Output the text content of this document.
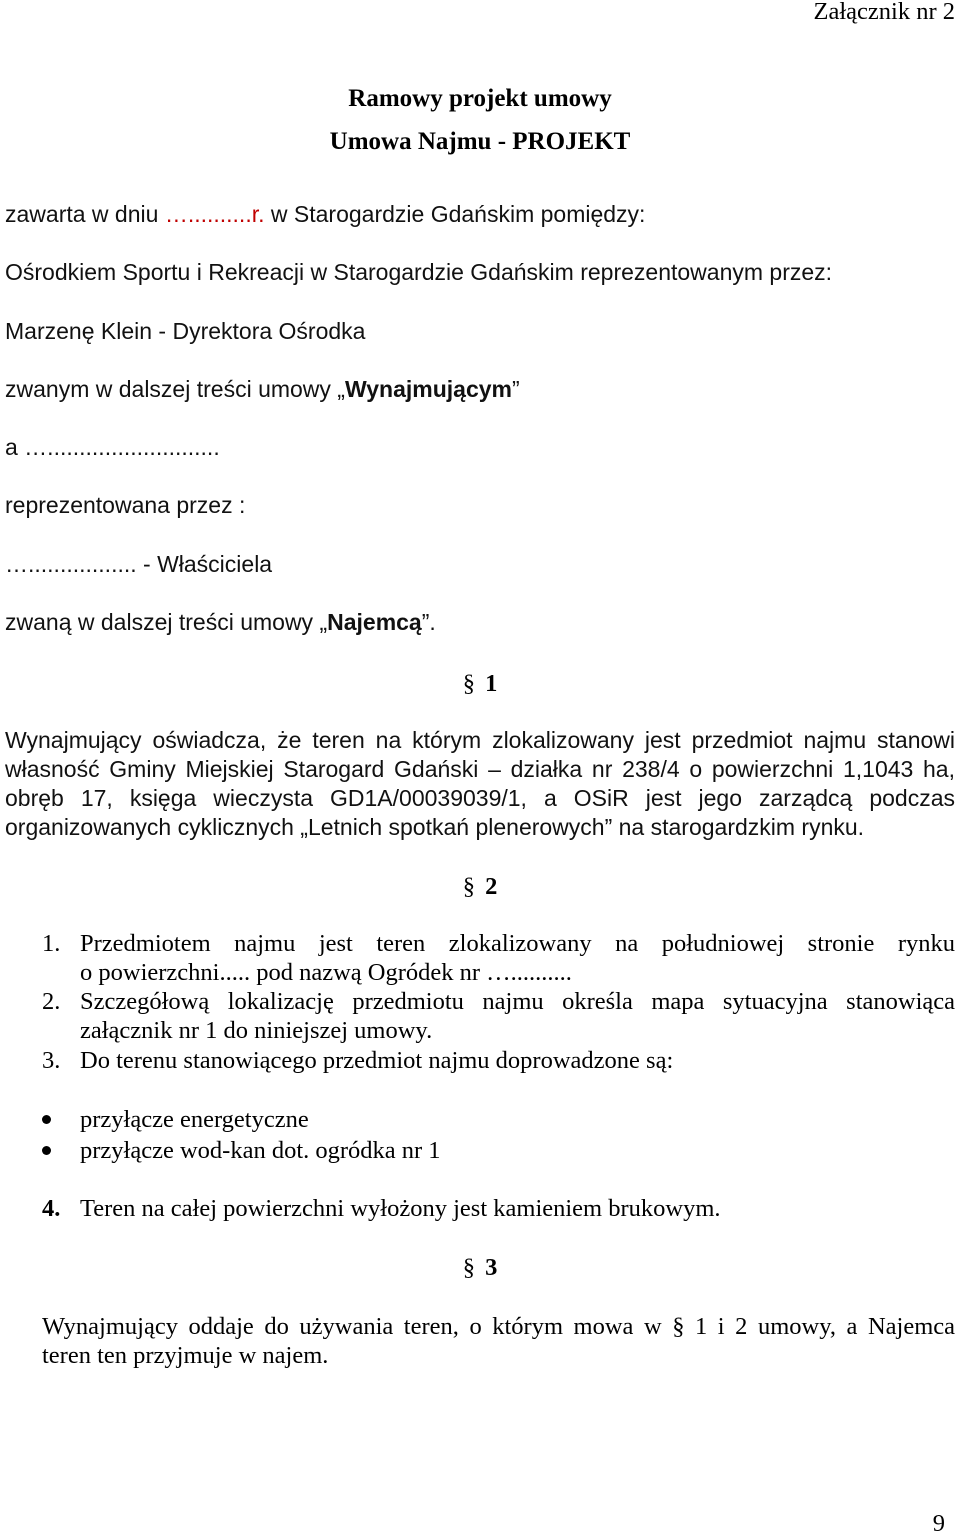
Załącznik nr 2
Ramowy projekt umowy
Umowa Najmu - PROJEKT
zawarta w dniu …..........r. w Starogardzie Gdańskim pomiędzy:
Ośrodkiem Sportu i Rekreacji w Starogardzie Gdańskim reprezentowanym przez:
Marzenę Klein - Dyrektora Ośrodka
zwanym w dalszej treści umowy „Wynajmującym”
a …...........................
reprezentowana przez :
…................. - Właściciela
zwaną w dalszej treści umowy „Najemcą”.
§ 1
Wynajmujący oświadcza, że teren na którym zlokalizowany jest przedmiot najmu stanowi
własność Gminy Miejskiej Starogard Gdański – działka nr 238/4 o powierzchni 1,1043 ha,
obręb 17, księga wieczysta GD1A/00039039/1, a OSiR jest jego zarządcą podczas
organizowanych cyklicznych „Letnich spotkań plenerowych” na starogardzkim rynku.
§ 2
1. Przedmiotem najmu jest teren zlokalizowany na południowej stronie rynku
o powierzchni..... pod nazwą Ogródek nr …..........
2. Szczegółową lokalizację przedmiotu najmu określa mapa sytuacyjna stanowiąca
załącznik nr 1 do niniejszej umowy.
3. Do terenu stanowiącego przedmiot najmu doprowadzone są:
przyłącze energetyczne
przyłącze wod-kan dot. ogródka nr 1
4. Teren na całej powierzchni wyłożony jest kamieniem brukowym.
§ 3
Wynajmujący oddaje do używania teren, o którym mowa w § 1 i 2 umowy, a Najemca
teren ten przyjmuje w najem.
9
